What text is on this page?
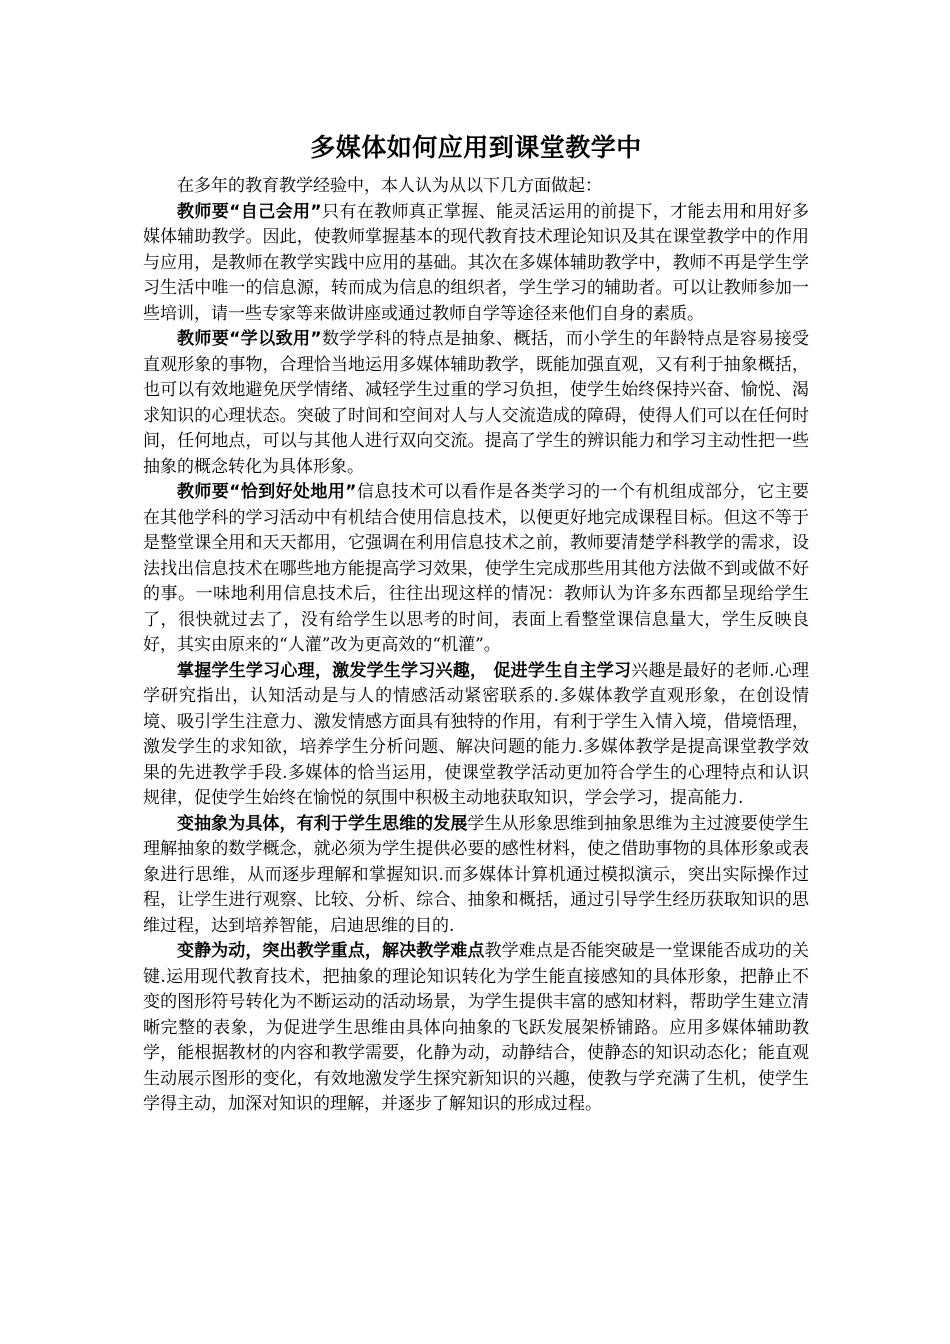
多媒体如何应用到课堂教学中

在多年的教育教学经验中，本人认为从以下几方面做起：

教师要“自己会用”只有在教师真正掌握、能灵活运用的前提下，才能去用和用好多媒体辅助教学。因此，使教师掌握基本的现代教育技术理论知识及其在课堂教学中的作用与应用，是教师在教学实践中应用的基础。其次在多媒体辅助教学中，教师不再是学生学习生活中唯一的信息源，转而成为信息的组织者，学生学习的辅助者。可以让教师参加一些培训，请一些专家等来做讲座或通过教师自学等途径来他们自身的素质。

教师要“学以致用”数学学科的特点是抽象、概括，而小学生的年龄特点是容易接受直观形象的事物，合理恰当地运用多媒体辅助教学，既能加强直观，又有利于抽象概括，也可以有效地避免厌学情绪、减轻学生过重的学习负担，使学生始终保持兴奋、愉悦、渴求知识的心理状态。突破了时间和空间对人与人交流造成的障碍，使得人们可以在任何时间，任何地点，可以与其他人进行双向交流。提高了学生的辨识能力和学习主动性把一些抽象的概念转化为具体形象。

教师要“恰到好处地用”信息技术可以看作是各类学习的一个有机组成部分，它主要在其他学科的学习活动中有机结合使用信息技术，以便更好地完成课程目标。但这不等于是整堂课全用和天天都用，它强调在利用信息技术之前，教师要清楚学科教学的需求，设法找出信息技术在哪些地方能提高学习效果，使学生完成那些用其他方法做不到或做不好的事。一味地利用信息技术后，往往出现这样的情况：教师认为许多东西都呈现给学生了，很快就过去了，没有给学生以思考的时间，表面上看整堂课信息量大，学生反映良好，其实由原来的“人灌”改为更高效的“机灌”。

掌握学生学习心理，激发学生学习兴趣， 促进学生自主学习兴趣是最好的老师.心理学研究指出，认知活动是与人的情感活动紧密联系的.多媒体教学直观形象，在创设情境、吸引学生注意力、激发情感方面具有独特的作用，有利于学生入情入境，借境悟理，激发学生的求知欲，培养学生分析问题、解决问题的能力.多媒体教学是提高课堂教学效果的先进教学手段.多媒体的恰当运用，使课堂教学活动更加符合学生的心理特点和认识规律，促使学生始终在愉悦的氛围中积极主动地获取知识，学会学习，提高能力.

变抽象为具体，有利于学生思维的发展学生从形象思维到抽象思维为主过渡要使学生理解抽象的数学概念，就必须为学生提供必要的感性材料，使之借助事物的具体形象或表象进行思维，从而逐步理解和掌握知识.而多媒体计算机通过模拟演示，突出实际操作过程，让学生进行观察、比较、分析、综合、抽象和概括，通过引导学生经历获取知识的思维过程，达到培养智能，启迪思维的目的.

变静为动，突出教学重点，解决教学难点教学难点是否能突破是一堂课能否成功的关键.运用现代教育技术，把抽象的理论知识转化为学生能直接感知的具体形象，把静止不变的图形符号转化为不断运动的活动场景，为学生提供丰富的感知材料，帮助学生建立清晰完整的表象，为促进学生思维由具体向抽象的飞跃发展架桥铺路。应用多媒体辅助教学，能根据教材的内容和教学需要，化静为动，动静结合，使静态的知识动态化；能直观生动展示图形的变化，有效地激发学生探究新知识的兴趣，使教与学充满了生机，使学生学得主动，加深对知识的理解，并逐步了解知识的形成过程。
